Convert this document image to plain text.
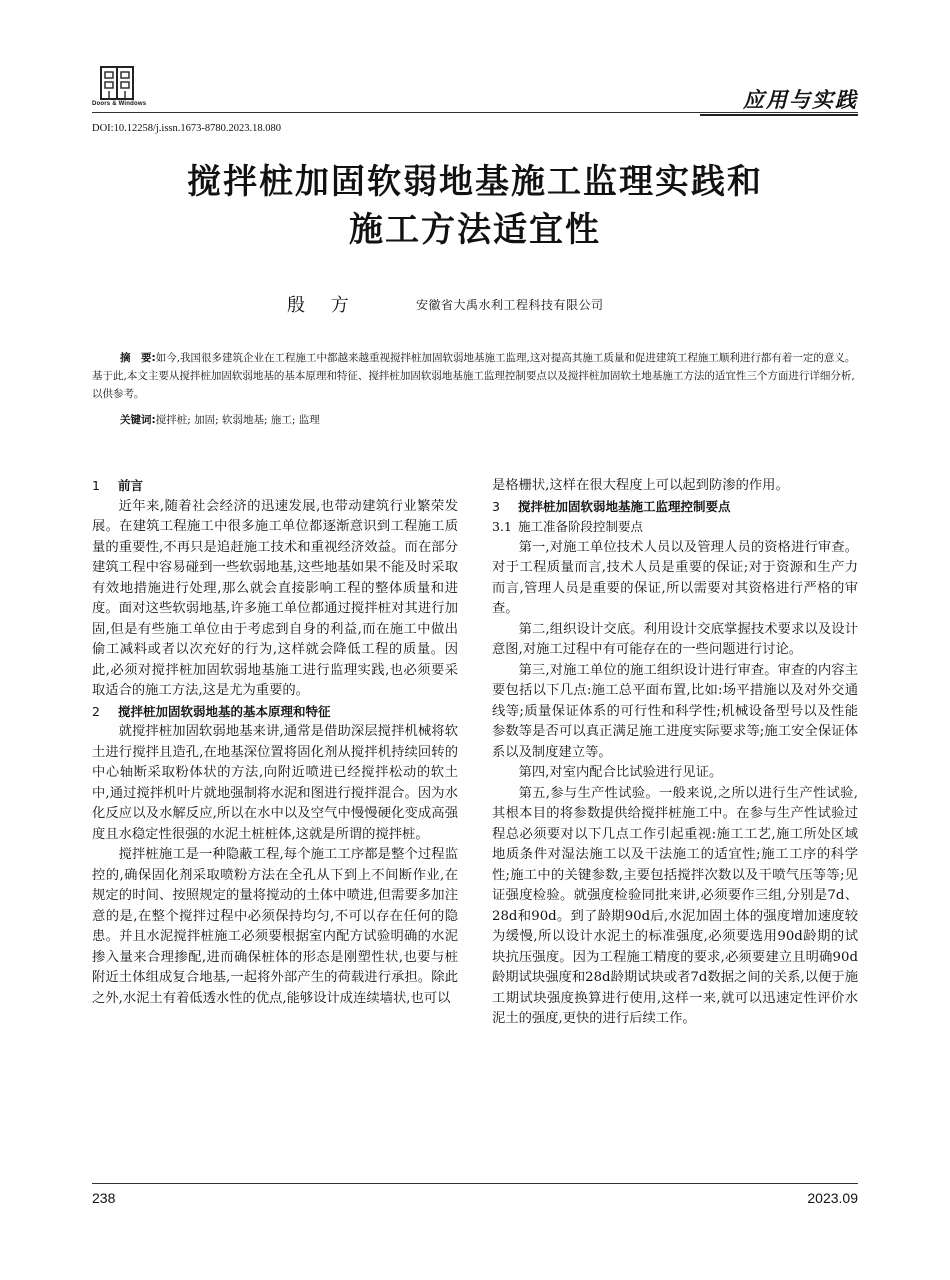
Doors & Windows	应用与实践
DOI:10.12258/j.issn.1673-8780.2023.18.080
搅拌桩加固软弱地基施工监理实践和
施工方法适宜性
殷 方	安徽省大禹水利工程科技有限公司
摘　要:如今,我国很多建筑企业在工程施工中都越来越重视搅拌桩加固软弱地基施工监理,这对提高其施工质量和促进建筑工程施工顺利进行都有着一定的意义。基于此,本文主要从搅拌桩加固软弱地基的基本原理和特征、搅拌桩加固软弱地基施工监理控制要点以及搅拌桩加固软土地基施工方法的适宜性三个方面进行详细分析,以供参考。
关键词:搅拌桩; 加固; 软弱地基; 施工; 监理
1 前言

近年来,随着社会经济的迅速发展,也带动建筑行业繁荣发展。在建筑工程施工中很多施工单位都逐渐意识到工程施工质量的重要性,不再只是追赶施工技术和重视经济效益。而在部分建筑工程中容易碰到一些软弱地基,这些地基如果不能及时采取有效地措施进行处理,那么就会直接影响工程的整体质量和进度。面对这些软弱地基,许多施工单位都通过搅拌桩对其进行加固,但是有些施工单位由于考虑到自身的利益,而在施工中做出偷工减料或者以次充好的行为,这样就会降低工程的质量。因此,必须对搅拌桩加固软弱地基施工进行监理实践,也必须要采取适合的施工方法,这是尤为重要的。

2 搅拌桩加固软弱地基的基本原理和特征

就搅拌桩加固软弱地基来讲,通常是借助深层搅拌机械将软土进行搅拌且造孔,在地基深位置将固化剂从搅拌机持续回转的中心轴断采取粉体状的方法,向附近喷进已经搅拌松动的软土中,通过搅拌机叶片就地强制将水泥和图进行搅拌混合。因为水化反应以及水解反应,所以在水中以及空气中慢慢硬化变成高强度且水稳定性很强的水泥土桩桩体,这就是所谓的搅拌桩。

搅拌桩施工是一种隐蔽工程,每个施工工序都是整个过程监控的,确保固化剂采取喷粉方法在全孔从下到上不间断作业,在规定的时间、按照规定的量将搅动的土体中喷进,但需要多加注意的是,在整个搅拌过程中必须保持均匀,不可以存在任何的隐患。并且水泥搅拌桩施工必须要根据室内配方试验明确的水泥掺入量来合理掺配,进而确保桩体的形态是刚塑性状,也要与桩附近土体组成复合地基,一起将外部产生的荷载进行承担。除此之外,水泥土有着低透水性的优点,能够设计成连续墙状,也可以

是格栅状,这样在很大程度上可以起到防渗的作用。

3 搅拌桩加固软弱地基施工监理控制要点
3.1 施工准备阶段控制要点

第一,对施工单位技术人员以及管理人员的资格进行审查。对于工程质量而言,技术人员是重要的保证;对于资源和生产力而言,管理人员是重要的保证,所以需要对其资格进行严格的审查。

第二,组织设计交底。利用设计交底掌握技术要求以及设计意图,对施工过程中有可能存在的一些问题进行讨论。

第三,对施工单位的施工组织设计进行审查。审查的内容主要包括以下几点:施工总平面布置,比如:场平措施以及对外交通线等;质量保证体系的可行性和科学性;机械设备型号以及性能参数等是否可以真正满足施工进度实际要求等;施工安全保证体系以及制度建立等。

第四,对室内配合比试验进行见证。

第五,参与生产性试验。一般来说,之所以进行生产性试验,其根本目的将参数提供给搅拌桩施工中。在参与生产性试验过程总必须要对以下几点工作引起重视:施工工艺,施工所处区域地质条件对湿法施工以及干法施工的适宜性;施工工序的科学性;施工中的关键参数,主要包括搅拌次数以及干喷气压等等;见证强度检验。就强度检验同批来讲,必须要作三组,分别是7d、28d和90d。到了龄期90d后,水泥加固土体的强度增加速度较为缓慢,所以设计水泥土的标准强度,必须要选用90d龄期的试块抗压强度。因为工程施工精度的要求,必须要建立且明确90d龄期试块强度和28d龄期试块或者7d数据之间的关系,以便于施工期试块强度换算进行使用,这样一来,就可以迅速定性评价水泥土的强度,更快的进行后续工作。

238	2023.09
